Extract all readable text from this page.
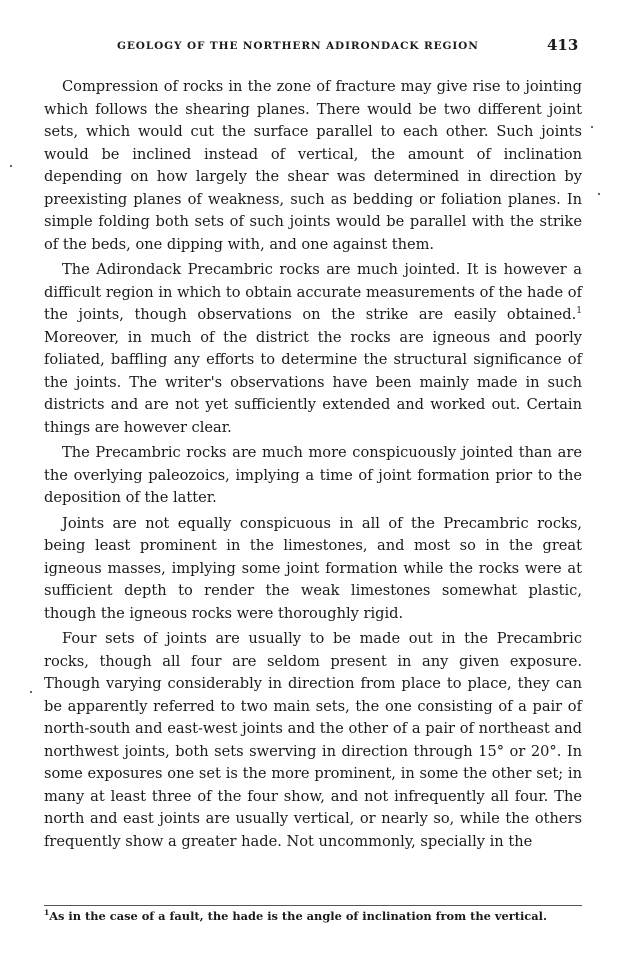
GEOLOGY OF THE NORTHERN ADIRONDACK REGION	413

Compression of rocks in the zone of fracture may give rise to jointing which follows the shearing planes. There would be two different joint sets, which would cut the surface parallel to each other. Such joints would be inclined instead of vertical, the amount of inclination depending on how largely the shear was determined in direction by preexisting planes of weakness, such as bedding or foliation planes. In simple folding both sets of such joints would be parallel with the strike of the beds, one dipping with, and one against them.

The Adirondack Precambric rocks are much jointed. It is however a difficult region in which to obtain accurate measurements of the hade of the joints, though observations on the strike are easily obtained.$^1$ Moreover, in much of the district the rocks are igneous and poorly foliated, baffling any efforts to determine the structural significance of the joints. The writer's observations have been mainly made in such districts and are not yet sufficiently extended and worked out. Certain things are however clear.

The Precambric rocks are much more conspicuously jointed than are the overlying paleozoics, implying a time of joint formation prior to the deposition of the latter.

Joints are not equally conspicuous in all of the Precambric rocks, being least prominent in the limestones, and most so in the great igneous masses, implying some joint formation while the rocks were at sufficient depth to render the weak limestones somewhat plastic, though the igneous rocks were thoroughly rigid.

Four sets of joints are usually to be made out in the Precambric rocks, though all four are seldom present in any given exposure. Though varying considerably in direction from place to place, they can be apparently referred to two main sets, the one consisting of a pair of north-south and east-west joints and the other of a pair of northeast and northwest joints, both sets swerving in direction through 15° or 20°. In some exposures one set is the more prominent, in some the other set; in many at least three of the four show, and not infrequently all four. The north and east joints are usually vertical, or nearly so, while the others frequently show a greater hade. Not uncommonly, specially in the

$^1$As in the case of a fault, the hade is the angle of inclination from the vertical.
